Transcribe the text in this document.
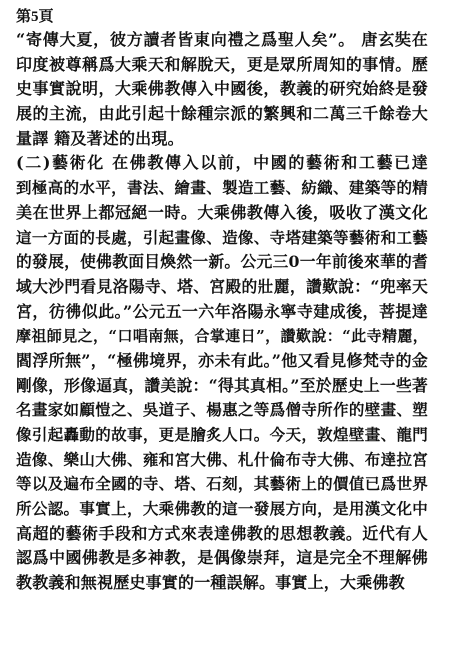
第5頁
“寄傳大夏，彼方讀者皆東向禮之爲聖人矣”。 唐玄奘在
印度被尊稱爲大乘天和解脫天，更是眾所周知的事情。歷
史事實說明，大乘佛教傳入中國後，教義的研究始終是發
展的主流，由此引起十餘種宗派的繁興和二萬三千餘卷大
量譯 籍及著述的出現。
(二)藝術化 在佛教傳入以前，中國的藝術和工藝已達
到極高的水平，書法、繪畫、製造工藝、紡織、建築等的精
美在世界上都冠絕一時。大乘佛教傳入後，吸收了漢文化
這一方面的長處，引起畫像、造像、寺塔建築等藝術和工藝
的發展，使佛教面目煥然一新。公元三0一年前後來華的耆
域大沙門看見洛陽寺、塔、宮殿的壯麗，讚歎說：“兜率天
宮，彷彿似此。”公元五一六年洛陽永寧寺建成後，菩提達
摩祖師見之，“口唱南無，合掌連日”，讚歎說：“此寺精麗，
閻浮所無”，“極佛境界，亦未有此。”他又看見修梵寺的金
剛像，形像逼真，讚美說：“得其真相。”至於歷史上一些著
名畫家如顧愷之、吳道子、楊惠之等爲僧寺所作的壁畫、塑
像引起轟動的故事，更是膾炙人口。今天，敦煌壁畫、龍門
造像、樂山大佛、雍和宮大佛、札什倫布寺大佛、布達拉宮
等以及遍布全國的寺、塔、石刻，其藝術上的價值已爲世界
所公認。事實上，大乘佛教的這一發展方向，是用漢文化中
高超的藝術手段和方式來表達佛教的思想教義。近代有人
認爲中國佛教是多神教，是偶像崇拜，這是完全不理解佛
教教義和無視歷史事實的一種誤解。事實上，大乘佛教
